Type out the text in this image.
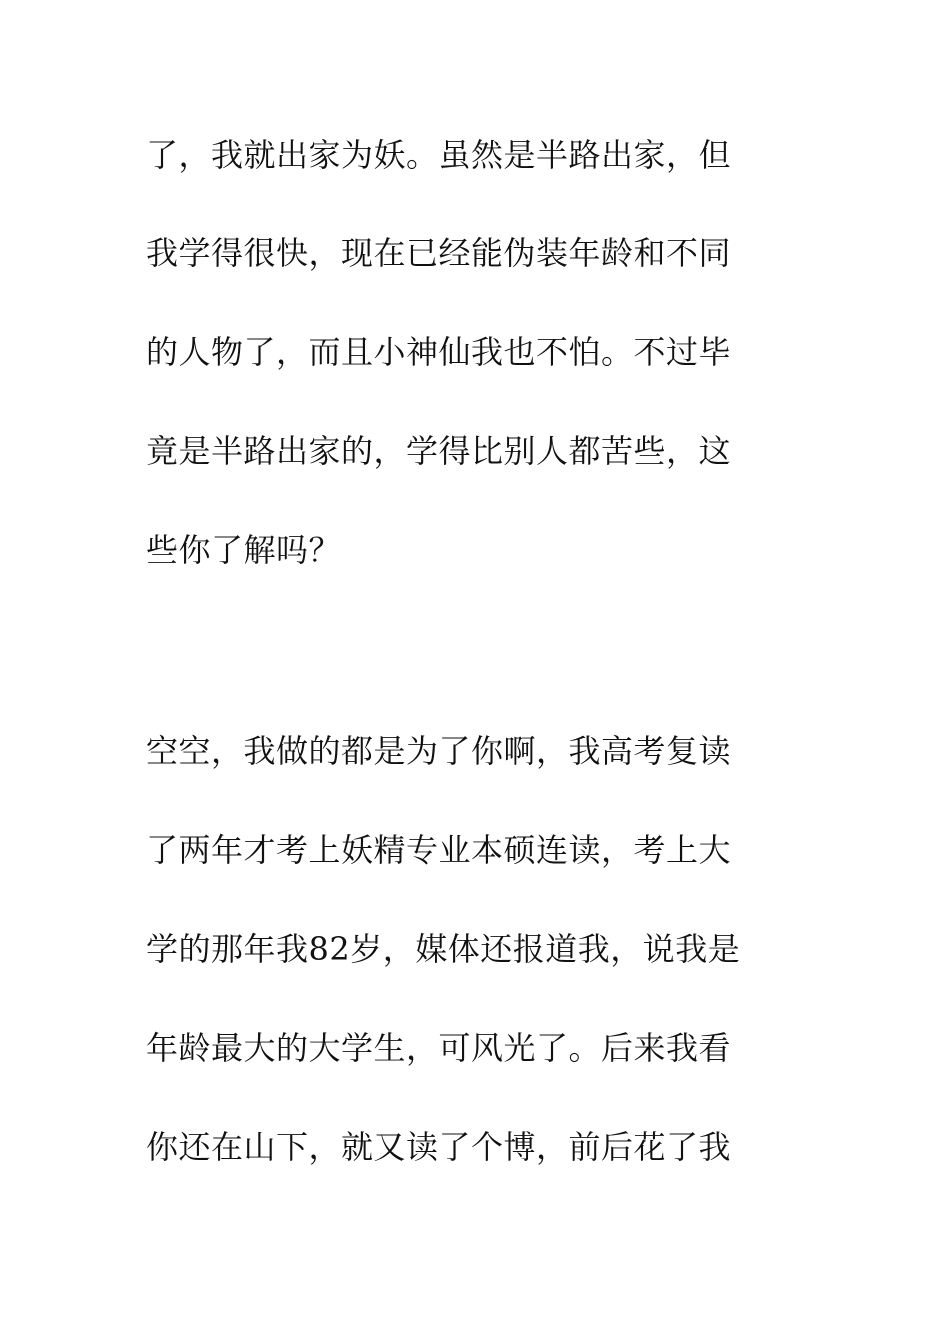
了，我就出家为妖。虽然是半路出家，但
我学得很快，现在已经能伪装年龄和不同
的人物了，而且小神仙我也不怕。不过毕
竟是半路出家的，学得比别人都苦些，这
些你了解吗？
空空，我做的都是为了你啊，我高考复读
了两年才考上妖精专业本硕连读，考上大
学的那年我82岁，媒体还报道我，说我是
年龄最大的大学生，可风光了。后来我看
你还在山下，就又读了个博，前后花了我
